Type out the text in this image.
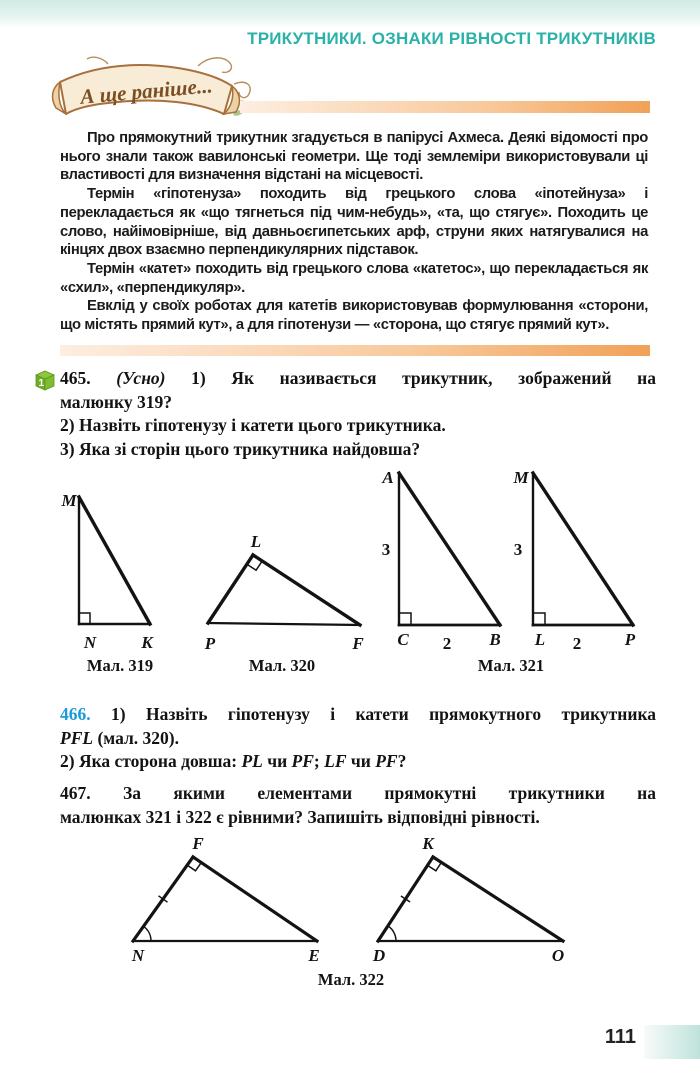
ТРИКУТНИКИ. ОЗНАКИ РІВНОСТІ ТРИКУТНИКІВ
А ще раніше...

Про прямокутний трикутник згадується в папірусі Ахмеса. Деякі відомості про нього знали також вавилонські геометри. Ще тоді землеміри використовували ці властивості для визначення відстані на місцевості.

Термін «гіпотенуза» походить від грецького слова «іпотейнуза» і перекладається як «що тягнеться під чим-небудь», «та, що стягує». Походить це слово, найімовірніше, від давньоєгипетських арф, струни яких натягувалися на кінцях двох взаємно перпендикулярних підставок.

Термін «катет» походить від грецького слова «катетос», що перекладається як «схил», «перпендикуляр».

Евклід у своїх роботах для катетів використовував формулювання «сторони, що містять прямий кут», а для гіпотенузи — «сторона, що стягує прямий кут».

1 465. (Усно) 1) Як називається трикутник, зображений на

малюнку 319?

2) Назвіть гіпотенузу і катети цього трикутника.

3) Яка зі сторін цього трикутника найдовша?

M
N	K
Мал. 319
L
P	F
Мал. 320
A
C	B
3
2
M
L	P
3
2
Мал. 321

466. 1) Назвіть гіпотенузу і катети прямокутного трикутника

PFL (мал. 320).

2) Яка сторона довша: PL чи PF; LF чи PF?

467. За якими елементами прямокутні трикутники на

малюнках 321 і 322 є рівними? Запишіть відповідні рівності.

F
N	E
K
D	O
Мал. 322
111
